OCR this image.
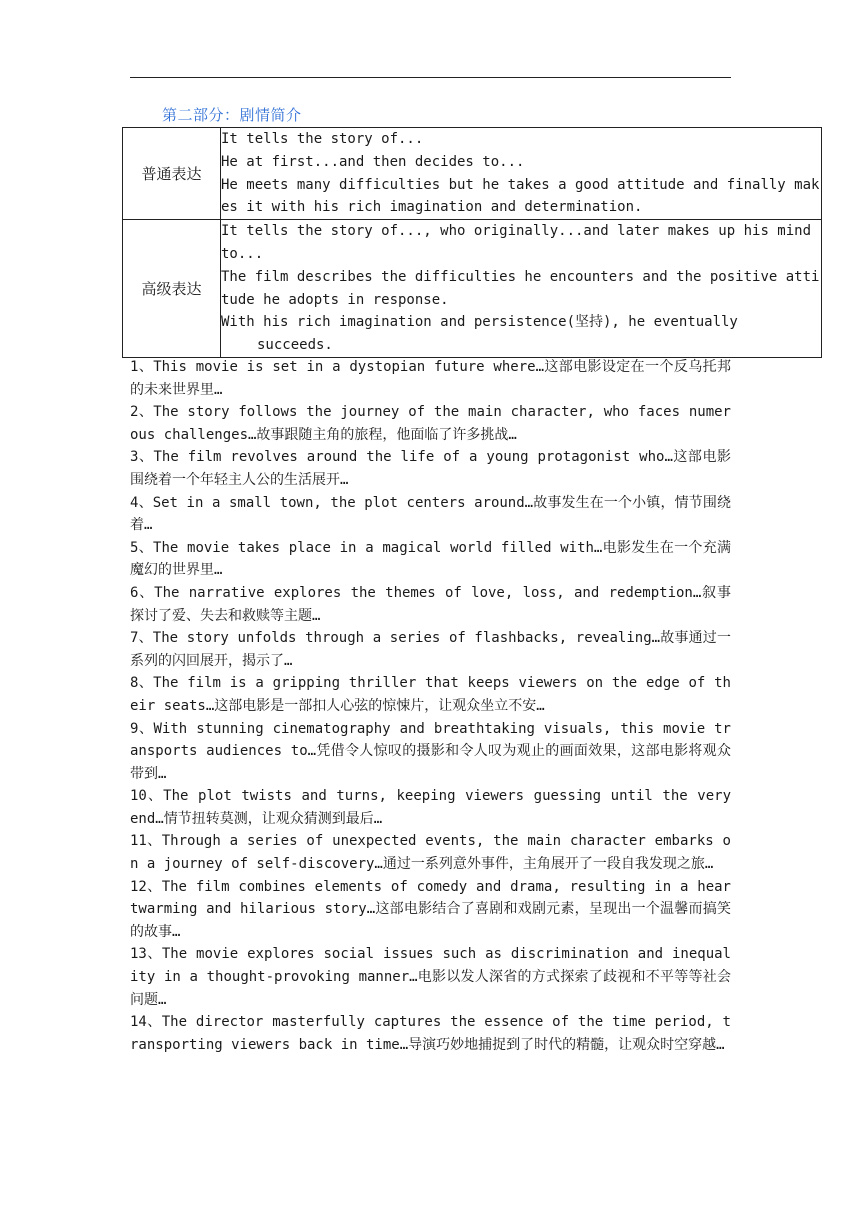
第二部分：剧情简介
普通表达	It tells the story of...
He at first...and then decides to...
He meets many difficulties but he takes a good attitude and finally makes it with his rich imagination and determination.

高级表达	It tells the story of..., who originally...and later makes up his mind to...
The film describes the difficulties he encounters and the positive attitude he adopts in response.
With his rich imagination and persistence(坚持), he eventually
succeeds.
1、This movie is set in a dystopian future where…这部电影设定在一个反乌托邦的未来世界里…
2、The story follows the journey of the main character, who faces numerous challenges…故事跟随主角的旅程，他面临了许多挑战…
3、The film revolves around the life of a young protagonist who…这部电影围绕着一个年轻主人公的生活展开…
4、Set in a small town, the plot centers around…故事发生在一个小镇，情节围绕着…
5、The movie takes place in a magical world filled with…电影发生在一个充满魔幻的世界里…
6、The narrative explores the themes of love, loss, and redemption…叙事探讨了爱、失去和救赎等主题…
7、The story unfolds through a series of flashbacks, revealing…故事通过一系列的闪回展开，揭示了…
8、The film is a gripping thriller that keeps viewers on the edge of their seats…这部电影是一部扣人心弦的惊悚片，让观众坐立不安…
9、With stunning cinematography and breathtaking visuals, this movie transports audiences to…凭借令人惊叹的摄影和令人叹为观止的画面效果，这部电影将观众带到…
10、The plot twists and turns, keeping viewers guessing until the very end…情节扭转莫测，让观众猜测到最后…
11、Through a series of unexpected events, the main character embarks on a journey of self-discovery…通过一系列意外事件，主角展开了一段自我发现之旅…
12、The film combines elements of comedy and drama, resulting in a heartwarming and hilarious story…这部电影结合了喜剧和戏剧元素，呈现出一个温馨而搞笑的故事…
13、The movie explores social issues such as discrimination and inequality in a thought-provoking manner…电影以发人深省的方式探索了歧视和不平等等社会问题…
14、The director masterfully captures the essence of the time period, transporting viewers back in time…导演巧妙地捕捉到了时代的精髓，让观众时空穿越…
